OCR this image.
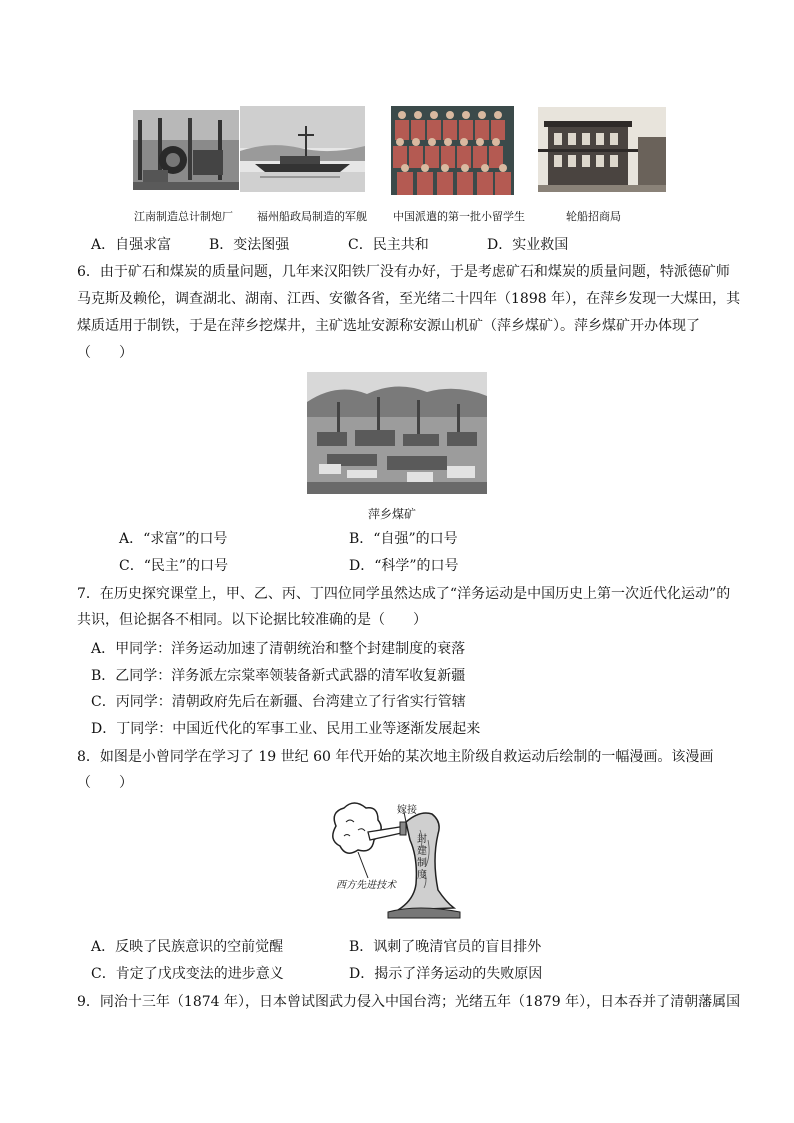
江南制造总计制炮厂 福州船政局制造的军舰 中国派遣的第一批小留学生	轮船招商局
A．自强求富	B．变法图强	C．民主共和	D．实业救国
6．由于矿石和煤炭的质量问题，几年来汉阳铁厂没有办好，于是考虑矿石和煤炭的质量问题，特派德矿师
马克斯及赖伦，调查湖北、湖南、江西、安徽各省，至光绪二十四年（1898 年），在萍乡发现一大煤田，其
煤质适用于制铁，于是在萍乡挖煤井，主矿选址安源称安源山机矿（萍乡煤矿）。萍乡煤矿开办体现了
（　　）
萍乡煤矿
A．“求富”的口号	B．“自强”的口号
C．“民主”的口号	D．“科学”的口号
7．在历史探究课堂上，甲、乙、丙、丁四位同学虽然达成了“洋务运动是中国历史上第一次近代化运动”的
共识，但论据各不相同。以下论据比较准确的是（　　）
A．甲同学：洋务运动加速了清朝统治和整个封建制度的衰落
B．乙同学：洋务派左宗棠率领装备新式武器的清军收复新疆
C．丙同学：清朝政府先后在新疆、台湾建立了行省实行管辖
D．丁同学：中国近代化的军事工业、民用工业等逐渐发展起来
8．如图是小曾同学在学习了 19 世纪 60 年代开始的某次地主阶级自救运动后绘制的一幅漫画。该漫画
（　　）
嫁接
封建制度
西方先进技术
A．反映了民族意识的空前觉醒	B．讽刺了晚清官员的盲目排外
C．肯定了戊戌变法的进步意义	D．揭示了洋务运动的失败原因
9．同治十三年（1874 年），日本曾试图武力侵入中国台湾；光绪五年（1879 年），日本吞并了清朝藩属国
